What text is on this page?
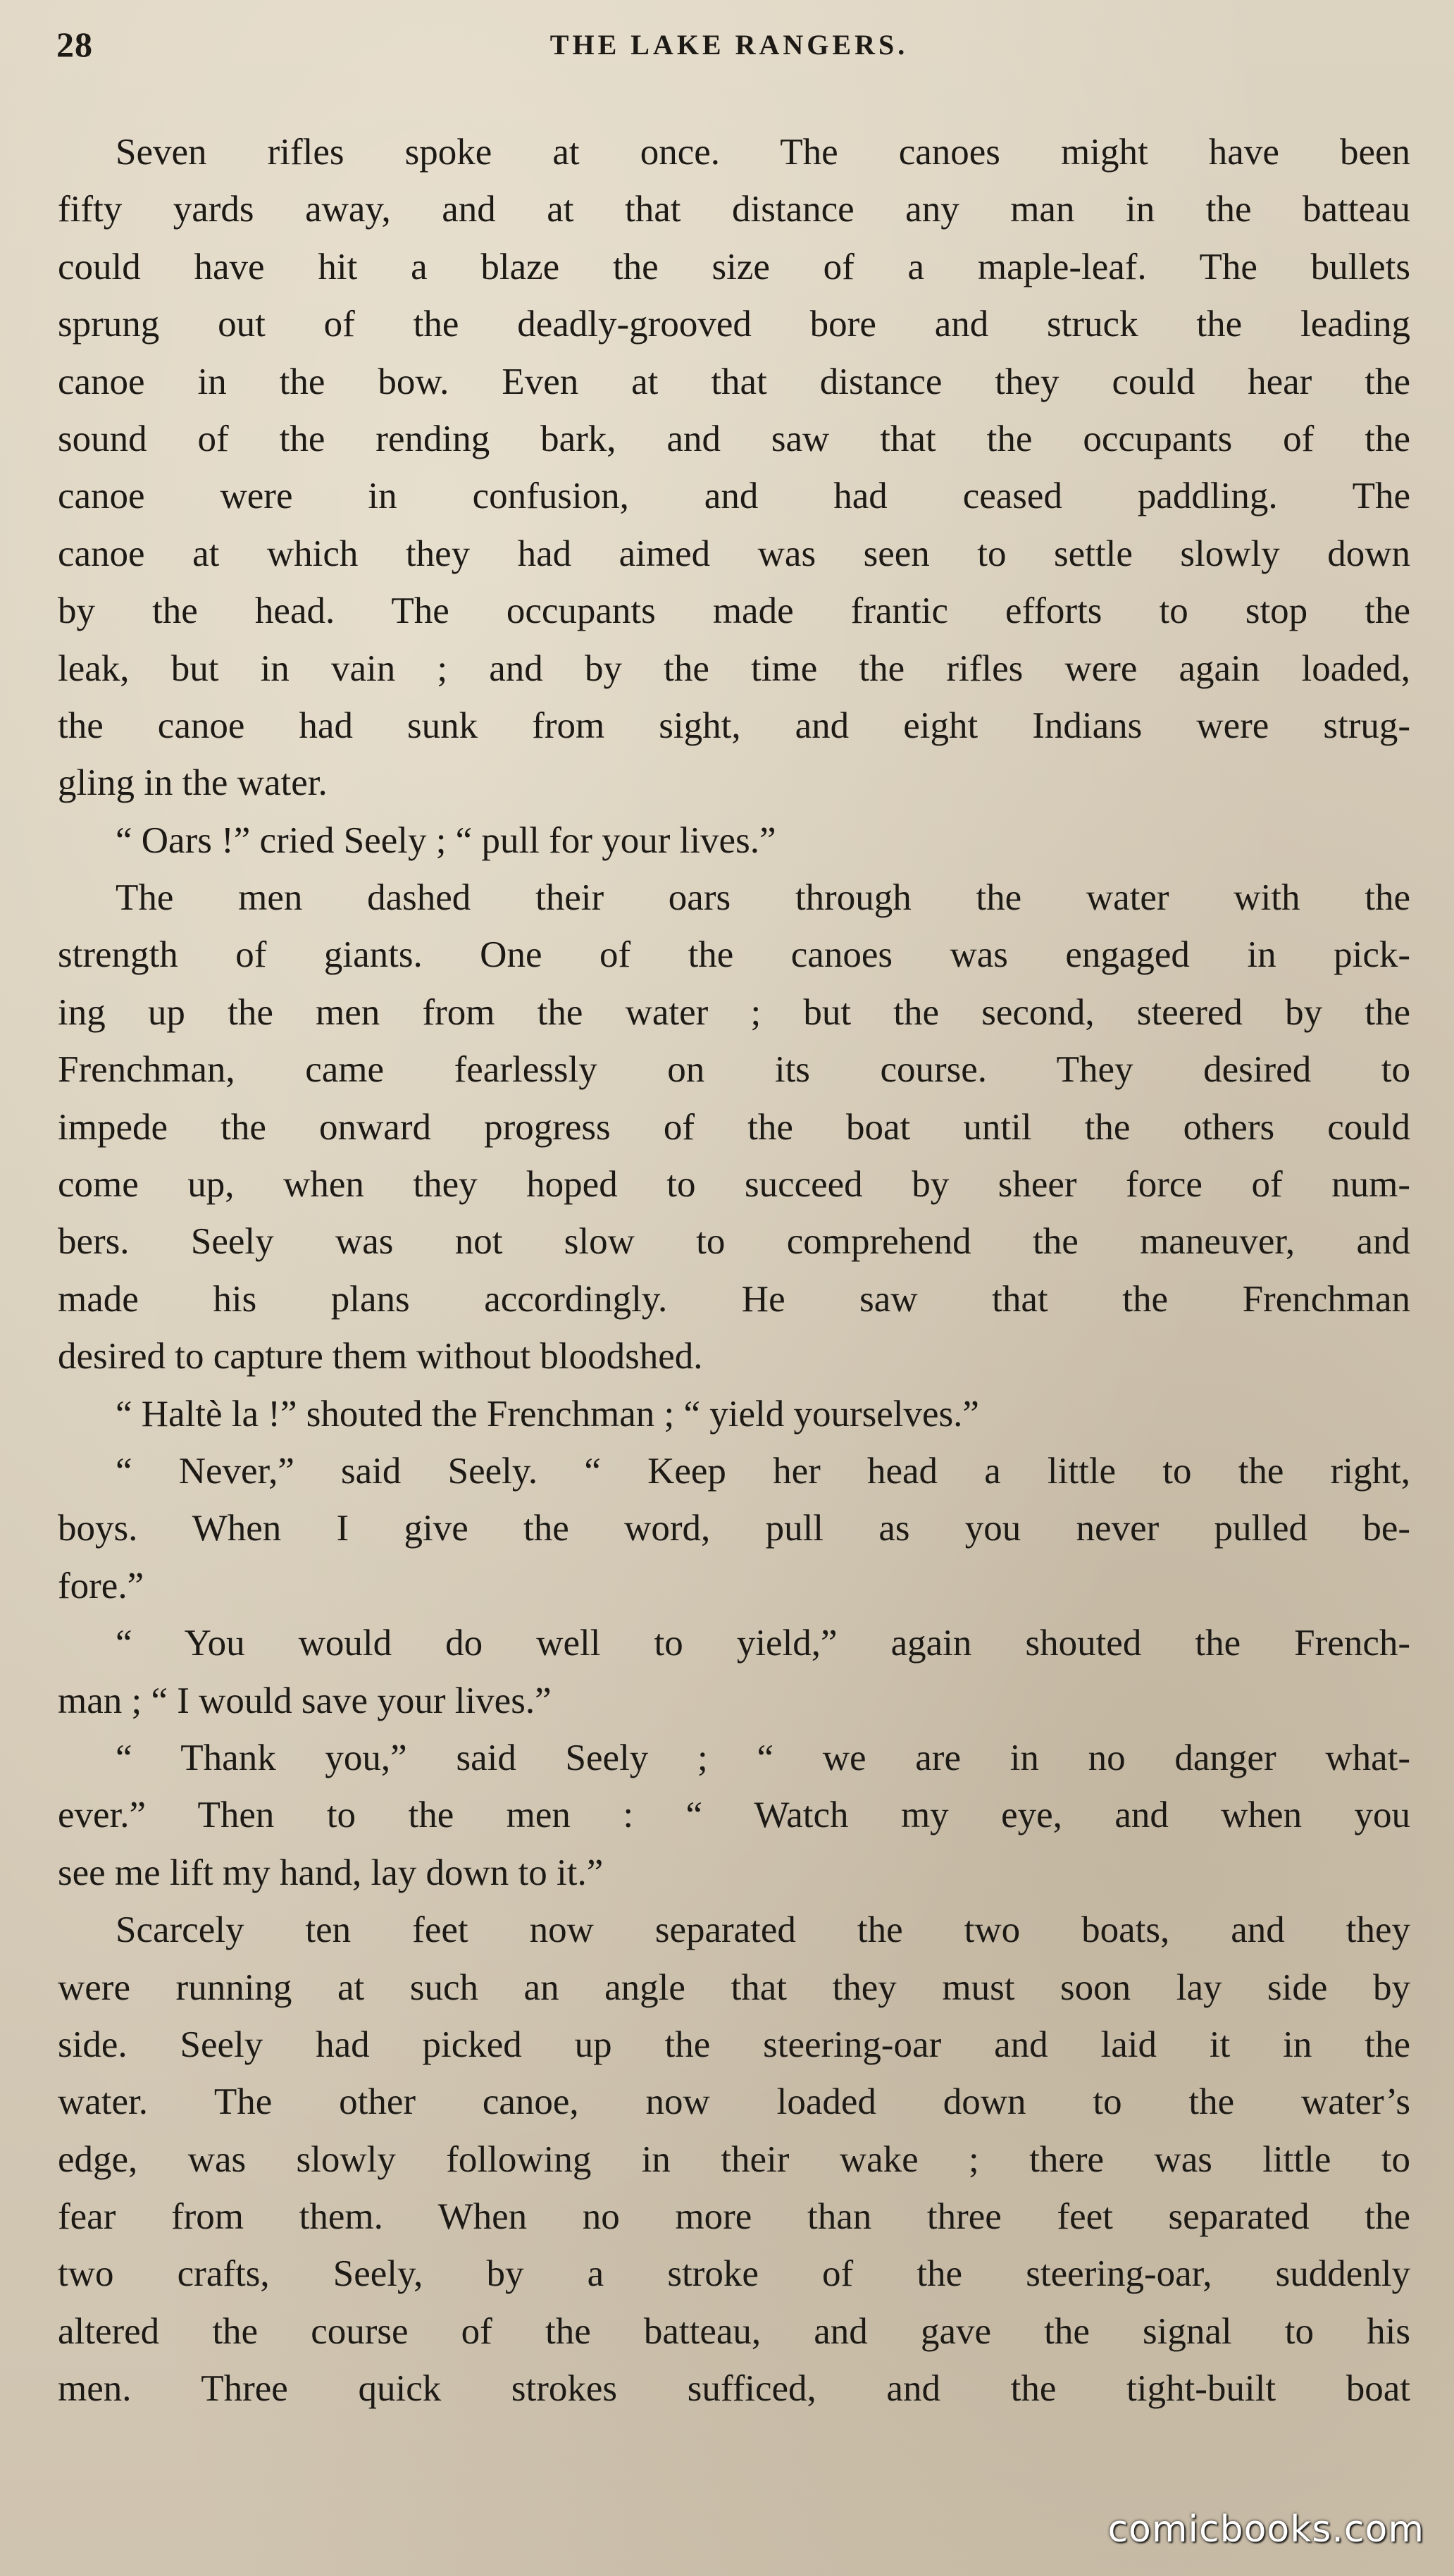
28	THE LAKE RANGERS.
Seven rifles spoke at once. The canoes might have been
fifty yards away, and at that distance any man in the batteau
could have hit a blaze the size of a maple-leaf. The bullets
sprung out of the deadly-grooved bore and struck the leading
canoe in the bow. Even at that distance they could hear the
sound of the rending bark, and saw that the occupants of the
canoe were in confusion, and had ceased paddling. The
canoe at which they had aimed was seen to settle slowly down
by the head. The occupants made frantic efforts to stop the
leak, but in vain ; and by the time the rifles were again loaded,
the canoe had sunk from sight, and eight Indians were strug-
gling in the water.
“ Oars !” cried Seely ; “ pull for your lives.”
The men dashed their oars through the water with the
strength of giants. One of the canoes was engaged in pick-
ing up the men from the water ; but the second, steered by the
Frenchman, came fearlessly on its course. They desired to
impede the onward progress of the boat until the others could
come up, when they hoped to succeed by sheer force of num-
bers. Seely was not slow to comprehend the maneuver, and
made his plans accordingly. He saw that the Frenchman
desired to capture them without bloodshed.
“ Haltè la !” shouted the Frenchman ; “ yield yourselves.”
“ Never,” said Seely. “ Keep her head a little to the right,
boys. When I give the word, pull as you never pulled be-
fore.”
“ You would do well to yield,” again shouted the French-
man ; “ I would save your lives.”
“ Thank you,” said Seely ; “ we are in no danger what-
ever.” Then to the men : “ Watch my eye, and when you
see me lift my hand, lay down to it.”
Scarcely ten feet now separated the two boats, and they
were running at such an angle that they must soon lay side by
side. Seely had picked up the steering-oar and laid it in the
water. The other canoe, now loaded down to the water’s
edge, was slowly following in their wake ; there was little to
fear from them. When no more than three feet separated the
two crafts, Seely, by a stroke of the steering-oar, suddenly
altered the course of the batteau, and gave the signal to his
men. Three quick strokes sufficed, and the tight-built boat
comicbooks.com
